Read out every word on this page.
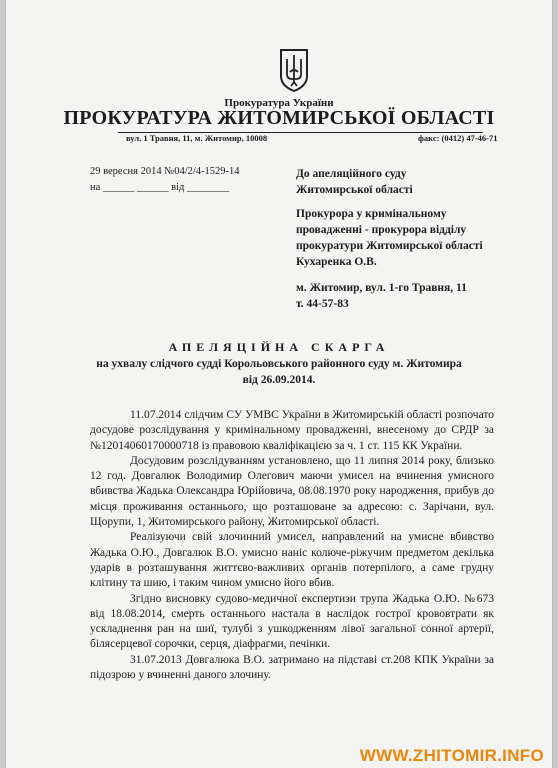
Прокуратура України
ПРОКУРАТУРА ЖИТОМИРСЬКОЇ ОБЛАСТІ
вул. 1 Травня, 11, м. Житомир, 10008	факс: (0412) 47-46-71
29 вересня 2014 №04/2/4-1529-14
на ______ ______ від ________
До апеляційного суду
Житомирської області
Прокурора у кримінальному
провадженні - прокурора відділу
прокуратури Житомирської області
Кухаренка О.В.
м. Житомир, вул. 1-го Травня, 11
т. 44-57-83
АПЕЛЯЦІЙНА СКАРГА
на ухвалу слідчого судді Корольовського районного суду м. Житомира
від 26.09.2014.

11.07.2014 слідчим СУ УМВС України в Житомирській області розпочато досудове розслідування у кримінальному провадженні, внесеному до СРДР за №12014060170000718 із правовою кваліфікацією за ч. 1 ст. 115 КК України.

Досудовим розслідуванням установлено, що 11 липня 2014 року, близько 12 год. Довгалюк Володимир Олегович маючи умисел на вчинення умисного вбивства Жадька Олександра Юрійовича, 08.08.1970 року народження, прибув до місця проживання останнього, що розташоване за адресою: с. Зарічани, вул. Щорупи, 1, Житомирського району, Житомирської області.

Реалізуючи свій злочинний умисел, направлений на умисне вбивство Жадька О.Ю., Довгалюк В.О. умисно наніс колюче-ріжучим предметом декілька ударів в розташування життєво-важливих органів потерпілого, а саме грудну клітину та шию, і таким чином умисно його вбив.

Згідно висновку судово-медичної експертизи трупа Жадька О.Ю. №673 від 18.08.2014, смерть останнього настала в наслідок гострої крововтрати як ускладнення ран на шиї, тулубі з ушкодженням лівої загальної сонної артерії, білясерцевої сорочки, серця, діафрагми, печінки.

31.07.2013 Довгалюка В.О. затримано на підставі ст.208 КПК України за підозрою у вчиненні даного злочину.

WWW.ZHITOMIR.INFO
